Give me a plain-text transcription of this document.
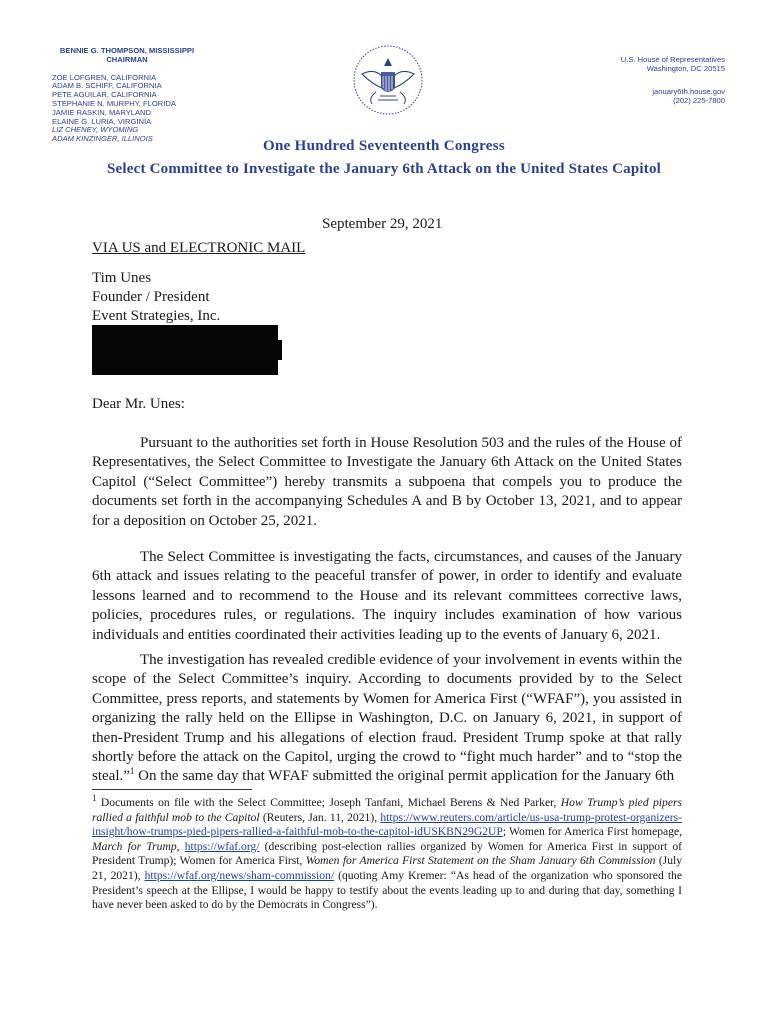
BENNIE G. THOMPSON, MISSISSIPPI
CHAIRMAN
ZOE LOFGREN, CALIFORNIA
ADAM B. SCHIFF, CALIFORNIA
PETE AGUILAR, CALIFORNIA
STEPHANIE N. MURPHY, FLORIDA
JAMIE RASKIN, MARYLAND
ELAINE G. LURIA, VIRGINIA
LIZ CHENEY, WYOMING
ADAM KINZINGER, ILLINOIS
U.S. House of Representatives
Washington, DC 20515
january6th.house.gov
(202) 225-7800
One Hundred Seventeenth Congress
Select Committee to Investigate the January 6th Attack on the United States Capitol
September 29, 2021
VIA US and ELECTRONIC MAIL
Tim Unes
Founder / President
Event Strategies, Inc.
Dear Mr. Unes:
Pursuant to the authorities set forth in House Resolution 503 and the rules of the House of Representatives, the Select Committee to Investigate the January 6th Attack on the United States Capitol (“Select Committee”) hereby transmits a subpoena that compels you to produce the documents set forth in the accompanying Schedules A and B by October 13, 2021, and to appear for a deposition on October 25, 2021.
The Select Committee is investigating the facts, circumstances, and causes of the January 6th attack and issues relating to the peaceful transfer of power, in order to identify and evaluate lessons learned and to recommend to the House and its relevant committees corrective laws, policies, procedures rules, or regulations. The inquiry includes examination of how various individuals and entities coordinated their activities leading up to the events of January 6, 2021.
The investigation has revealed credible evidence of your involvement in events within the scope of the Select Committee’s inquiry. According to documents provided by to the Select Committee, press reports, and statements by Women for America First (“WFAF”), you assisted in organizing the rally held on the Ellipse in Washington, D.C. on January 6, 2021, in support of then-President Trump and his allegations of election fraud. President Trump spoke at that rally shortly before the attack on the Capitol, urging the crowd to “fight much harder” and to “stop the steal.”$^1$ On the same day that WFAF submitted the original permit application for the January 6th
$^1$ Documents on file with the Select Committee; Joseph Tanfani, Michael Berens & Ned Parker, How Trump’s pied pipers rallied a faithful mob to the Capitol (Reuters, Jan. 11, 2021), https://www.reuters.com/article/us-usa-trump-protest-organizers-insight/how-trumps-pied-pipers-rallied-a-faithful-mob-to-the-capitol-idUSKBN29G2UP; Women for America First homepage, March for Trump, https://wfaf.org/ (describing post-election rallies organized by Women for America First in support of President Trump); Women for America First, Women for America First Statement on the Sham January 6th Commission (July 21, 2021), https://wfaf.org/news/sham-commission/ (quoting Amy Kremer: “As head of the organization who sponsored the President’s speech at the Ellipse, I would be happy to testify about the events leading up to and during that day, something I have never been asked to do by the Democrats in Congress”).
